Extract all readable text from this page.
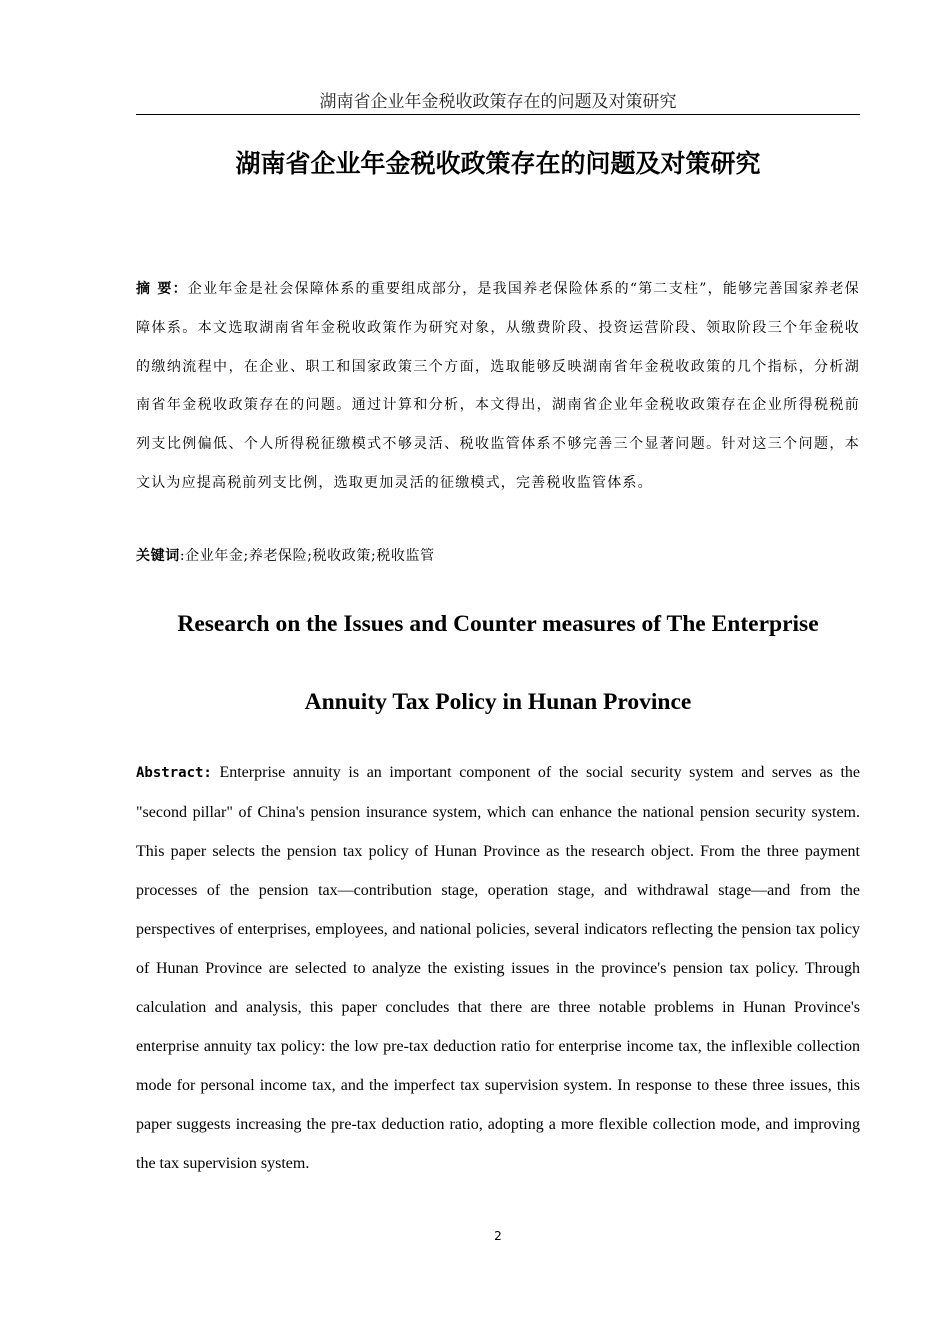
湖南省企业年金税收政策存在的问题及对策研究
湖南省企业年金税收政策存在的问题及对策研究
摘 要：企业年金是社会保障体系的重要组成部分，是我国养老保险体系的“第二支柱”，能够完善国家养老保障体系。本文选取湖南省年金税收政策作为研究对象，从缴费阶段、投资运营阶段、领取阶段三个年金税收的缴纳流程中，在企业、职工和国家政策三个方面，选取能够反映湖南省年金税收政策的几个指标，分析湖南省年金税收政策存在的问题。通过计算和分析，本文得出，湖南省企业年金税收政策存在企业所得税税前列支比例偏低、个人所得税征缴模式不够灵活、税收监管体系不够完善三个显著问题。针对这三个问题，本文认为应提高税前列支比例，选取更加灵活的征缴模式，完善税收监管体系。
关键词:企业年金;养老保险;税收政策;税收监管
Research on the Issues and Counter measures of The Enterprise
Annuity Tax Policy in Hunan Province
Abstract: Enterprise annuity is an important component of the social security system and serves as the "second pillar" of China's pension insurance system, which can enhance the national pension security system. This paper selects the pension tax policy of Hunan Province as the research object. From the three payment processes of the pension tax—contribution stage, operation stage, and withdrawal stage—and from the perspectives of enterprises, employees, and national policies, several indicators reflecting the pension tax policy of Hunan Province are selected to analyze the existing issues in the province's pension tax policy. Through calculation and analysis, this paper concludes that there are three notable problems in Hunan Province's enterprise annuity tax policy: the low pre-tax deduction ratio for enterprise income tax, the inflexible collection mode for personal income tax, and the imperfect tax supervision system. In response to these three issues, this paper suggests increasing the pre-tax deduction ratio, adopting a more flexible collection mode, and improving the tax supervision system.
2
